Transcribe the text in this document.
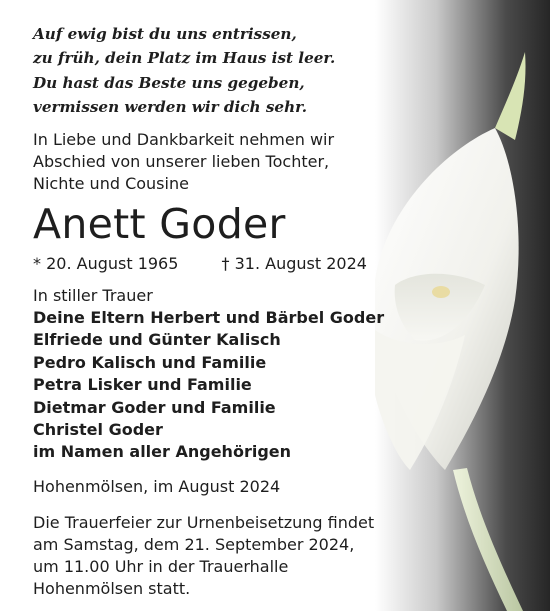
Auf ewig bist du uns entrissen,
zu früh, dein Platz im Haus ist leer.
Du hast das Beste uns gegeben,
vermissen werden wir dich sehr.
In Liebe und Dankbarkeit nehmen wir
Abschied von unserer lieben Tochter,
Nichte und Cousine
Anett Goder
* 20. August 1965	† 31. August 2024
In stiller Trauer
Deine Eltern Herbert und Bärbel Goder
Elfriede und Günter Kalisch
Pedro Kalisch und Familie
Petra Lisker und Familie
Dietmar Goder und Familie
Christel Goder
im Namen aller Angehörigen
Hohenmölsen, im August 2024
Die Trauerfeier zur Urnenbeisetzung findet
am Samstag, dem 21. September 2024,
um 11.00 Uhr in der Trauerhalle
Hohenmölsen statt.
